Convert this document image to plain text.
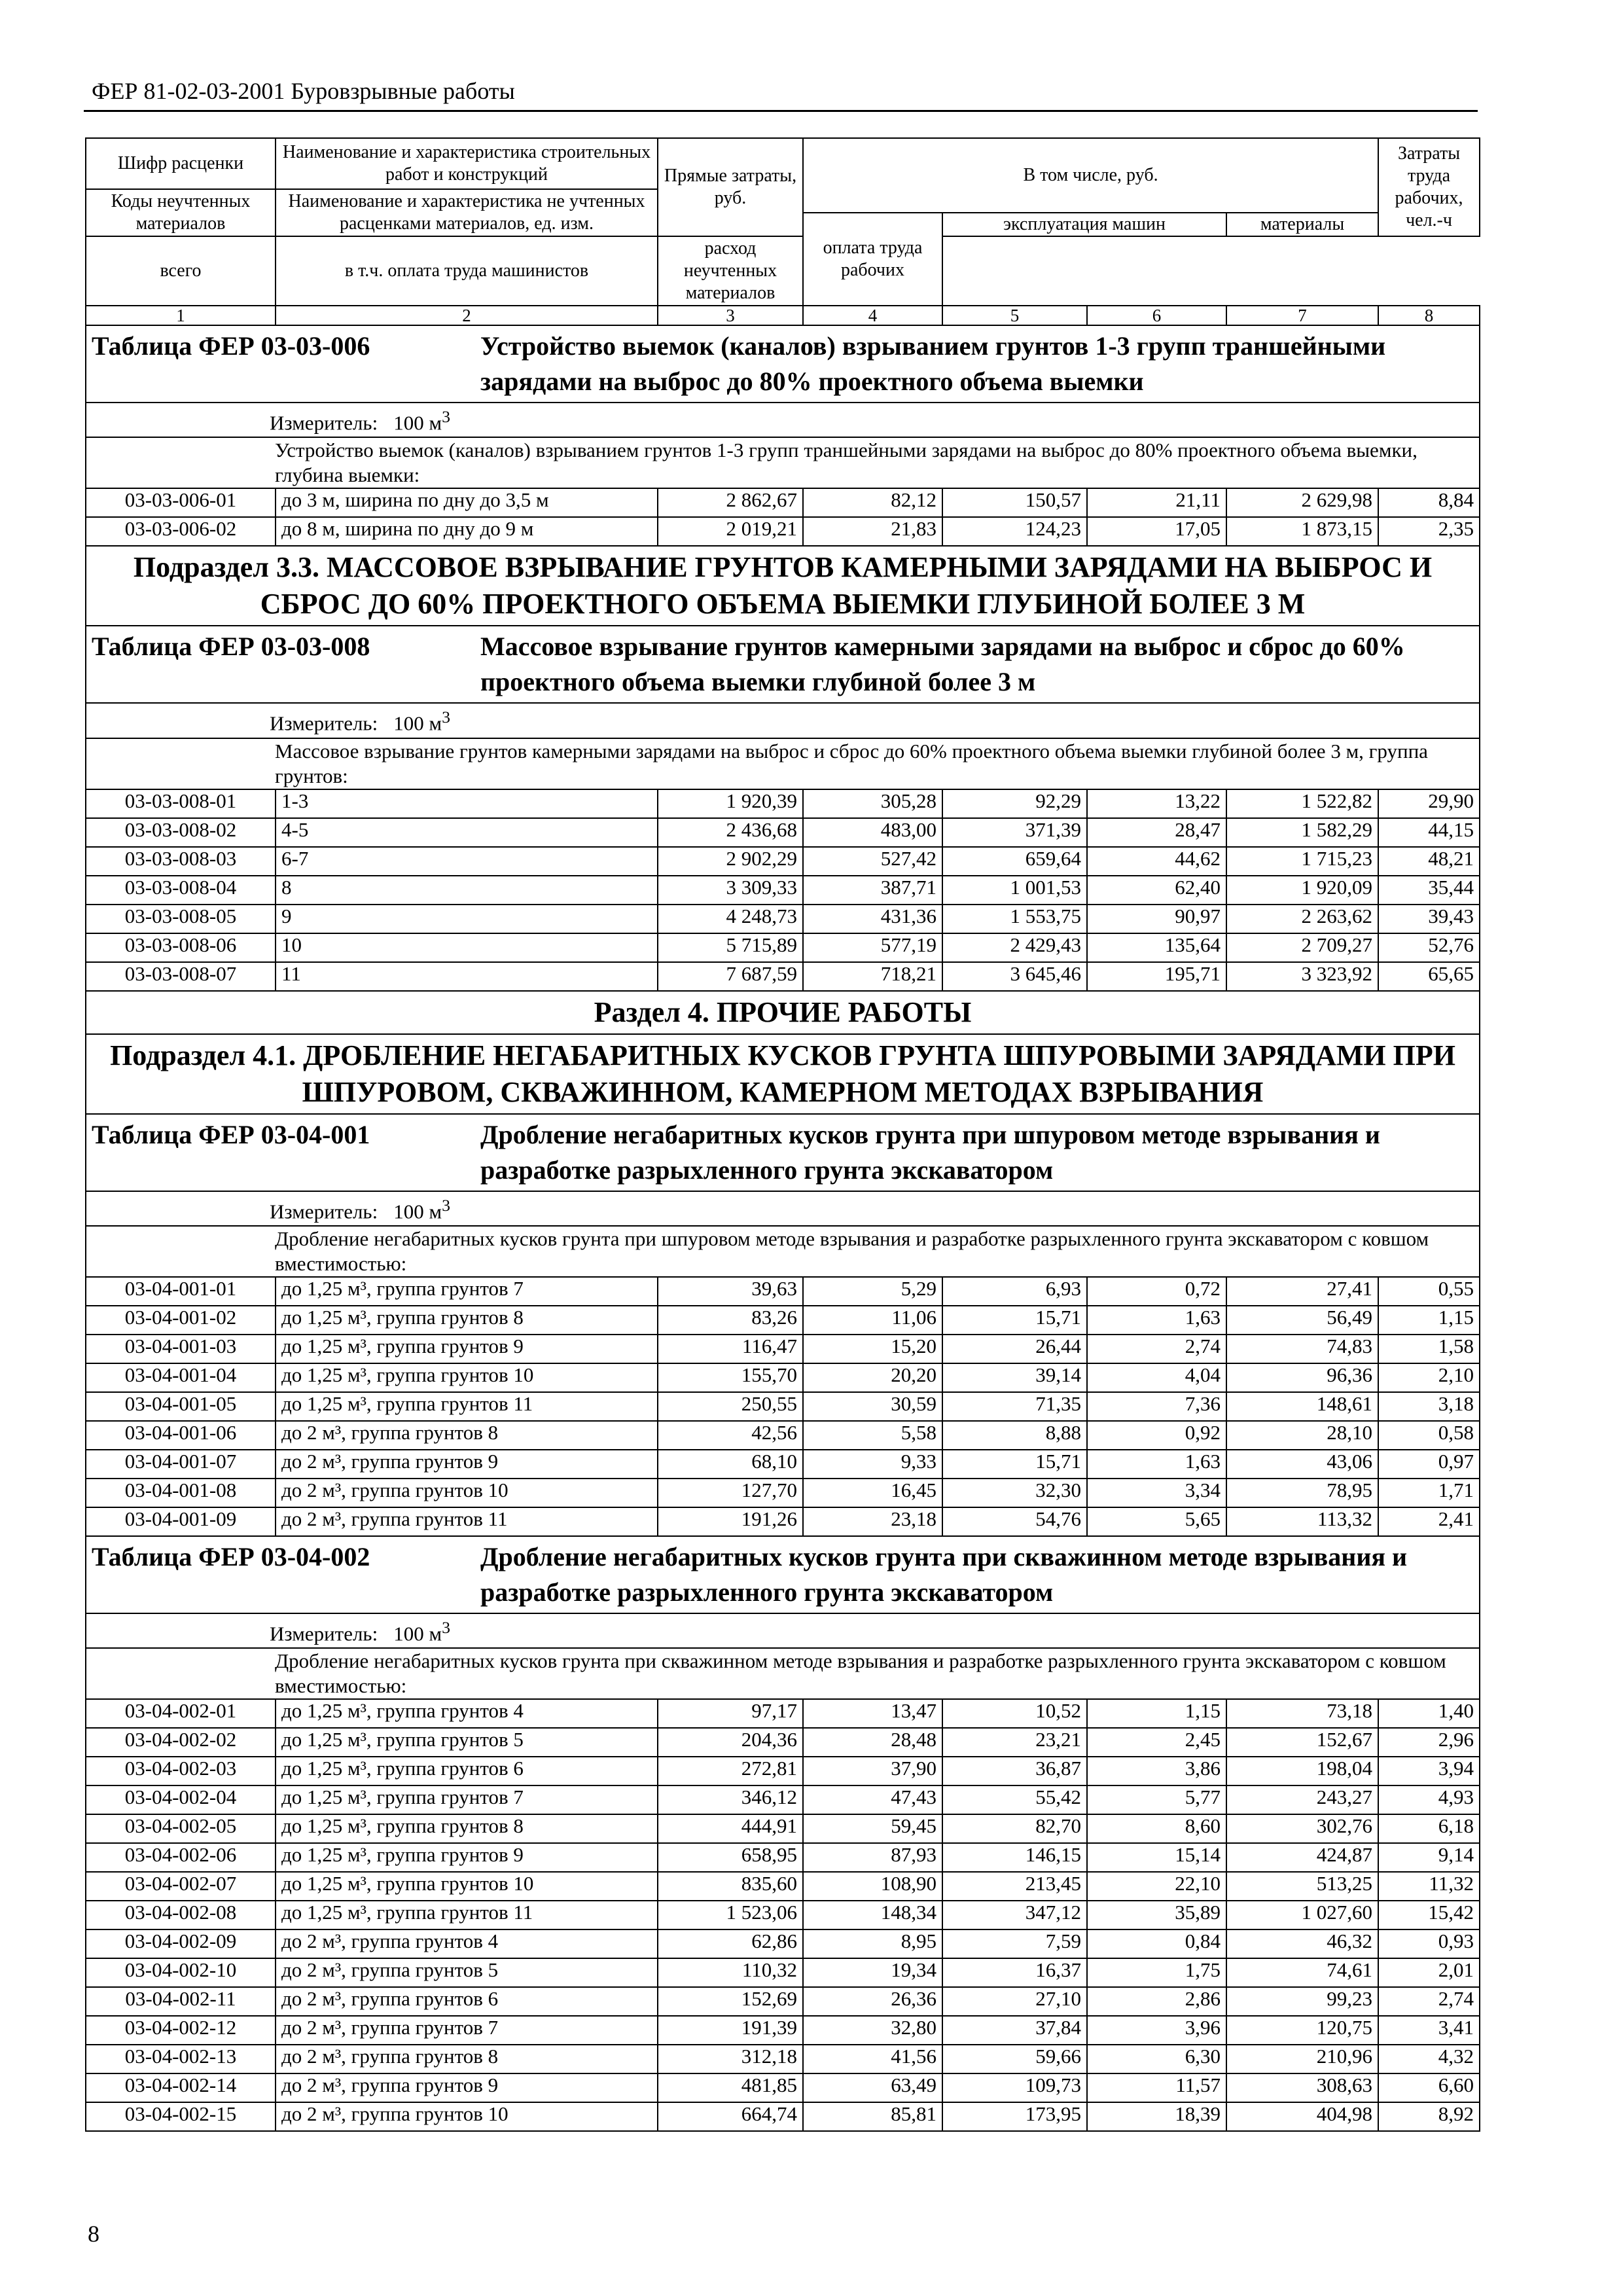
ФЕР 81-02-03-2001 Буровзрывные работы
Шифр расценки	Наименование и характеристика строительных работ и конструкций	Прямые затраты, руб.	В том числе, руб.				Затраты труда рабочих, чел.-ч
Коды неучтенных материалов	Наименование и характеристика не учтенных расценками материалов, ед. изм.						
			оплата труда рабочих	эксплуатация машин		материалы	
всего	в т.ч. оплата труда машинистов	расход неучтенных материалов					
1	2	3	4	5	6	7	8
Таблица ФЕР 03-03-006 Устройство выемок (каналов) взрыванием грунтов 1-3 групп траншейными зарядами на выброс до 80% проектного объема выемки							
Измеритель: 100 $м^3$
Устройство выемок (каналов) взрыванием грунтов 1-3 групп траншейными зарядами на выброс до 80% проектного объема выемки, глубина выемки:							
03-03-006-01	до 3 м, ширина по дну до 3,5 м	2 862,67	82,12	150,57	21,11	2 629,98	8,84
03-03-006-02	до 8 м, ширина по дну до 9 м	2 019,21	21,83	124,23	17,05	1 873,15	2,35
Подраздел 3.3. МАССОВОЕ ВЗРЫВАНИЕ ГРУНТОВ КАМЕРНЫМИ ЗАРЯДАМИ НА ВЫБРОС И СБРОС ДО 60% ПРОЕКТНОГО ОБЪЕМА ВЫЕМКИ ГЛУБИНОЙ БОЛЕЕ 3 М							
Таблица ФЕР 03-03-008 Массовое взрывание грунтов камерными зарядами на выброс и сброс до 60% проектного объема выемки глубиной более 3 м							
Измеритель: 100 $м^3$
Массовое взрывание грунтов камерными зарядами на выброс и сброс до 60% проектного объема выемки глубиной более 3 м, группа грунтов:							
03-03-008-01	1-3	1 920,39	305,28	92,29	13,22	1 522,82	29,90
03-03-008-02	4-5	2 436,68	483,00	371,39	28,47	1 582,29	44,15
03-03-008-03	6-7	2 902,29	527,42	659,64	44,62	1 715,23	48,21
03-03-008-04	8	3 309,33	387,71	1 001,53	62,40	1 920,09	35,44
03-03-008-05	9	4 248,73	431,36	1 553,75	90,97	2 263,62	39,43
03-03-008-06	10	5 715,89	577,19	2 429,43	135,64	2 709,27	52,76
03-03-008-07	11	7 687,59	718,21	3 645,46	195,71	3 323,92	65,65
Раздел 4. ПРОЧИЕ РАБОТЫ							
Подраздел 4.1. ДРОБЛЕНИЕ НЕГАБАРИТНЫХ КУСКОВ ГРУНТА ШПУРОВЫМИ ЗАРЯДАМИ ПРИ ШПУРОВОМ, СКВАЖИННОМ, КАМЕРНОМ МЕТОДАХ ВЗРЫВАНИЯ							
Таблица ФЕР 03-04-001 Дробление негабаритных кусков грунта при шпуровом методе взрывания и разработке разрыхленного грунта экскаватором							
Измеритель: 100 $м^3$
Дробление негабаритных кусков грунта при шпуровом методе взрывания и разработке разрыхленного грунта экскаватором с ковшом вместимостью:							
03-04-001-01	до 1,25 м³, группа грунтов 7	39,63	5,29	6,93	0,72	27,41	0,55
03-04-001-02	до 1,25 м³, группа грунтов 8	83,26	11,06	15,71	1,63	56,49	1,15
03-04-001-03	до 1,25 м³, группа грунтов 9	116,47	15,20	26,44	2,74	74,83	1,58
03-04-001-04	до 1,25 м³, группа грунтов 10	155,70	20,20	39,14	4,04	96,36	2,10
03-04-001-05	до 1,25 м³, группа грунтов 11	250,55	30,59	71,35	7,36	148,61	3,18
03-04-001-06	до 2 м³, группа грунтов 8	42,56	5,58	8,88	0,92	28,10	0,58
03-04-001-07	до 2 м³, группа грунтов 9	68,10	9,33	15,71	1,63	43,06	0,97
03-04-001-08	до 2 м³, группа грунтов 10	127,70	16,45	32,30	3,34	78,95	1,71
03-04-001-09	до 2 м³, группа грунтов 11	191,26	23,18	54,76	5,65	113,32	2,41
Таблица ФЕР 03-04-002 Дробление негабаритных кусков грунта при скважинном методе взрывания и разработке разрыхленного грунта экскаватором							
Измеритель: 100 $м^3$
Дробление негабаритных кусков грунта при скважинном методе взрывания и разработке разрыхленного грунта экскаватором с ковшом вместимостью:							
03-04-002-01	до 1,25 м³, группа грунтов 4	97,17	13,47	10,52	1,15	73,18	1,40
03-04-002-02	до 1,25 м³, группа грунтов 5	204,36	28,48	23,21	2,45	152,67	2,96
03-04-002-03	до 1,25 м³, группа грунтов 6	272,81	37,90	36,87	3,86	198,04	3,94
03-04-002-04	до 1,25 м³, группа грунтов 7	346,12	47,43	55,42	5,77	243,27	4,93
03-04-002-05	до 1,25 м³, группа грунтов 8	444,91	59,45	82,70	8,60	302,76	6,18
03-04-002-06	до 1,25 м³, группа грунтов 9	658,95	87,93	146,15	15,14	424,87	9,14
03-04-002-07	до 1,25 м³, группа грунтов 10	835,60	108,90	213,45	22,10	513,25	11,32
03-04-002-08	до 1,25 м³, группа грунтов 11	1 523,06	148,34	347,12	35,89	1 027,60	15,42
03-04-002-09	до 2 м³, группа грунтов 4	62,86	8,95	7,59	0,84	46,32	0,93
03-04-002-10	до 2 м³, группа грунтов 5	110,32	19,34	16,37	1,75	74,61	2,01
03-04-002-11	до 2 м³, группа грунтов 6	152,69	26,36	27,10	2,86	99,23	2,74
03-04-002-12	до 2 м³, группа грунтов 7	191,39	32,80	37,84	3,96	120,75	3,41
03-04-002-13	до 2 м³, группа грунтов 8	312,18	41,56	59,66	6,30	210,96	4,32
03-04-002-14	до 2 м³, группа грунтов 9	481,85	63,49	109,73	11,57	308,63	6,60
03-04-002-15	до 2 м³, группа грунтов 10	664,74	85,81	173,95	18,39	404,98	8,92
8
